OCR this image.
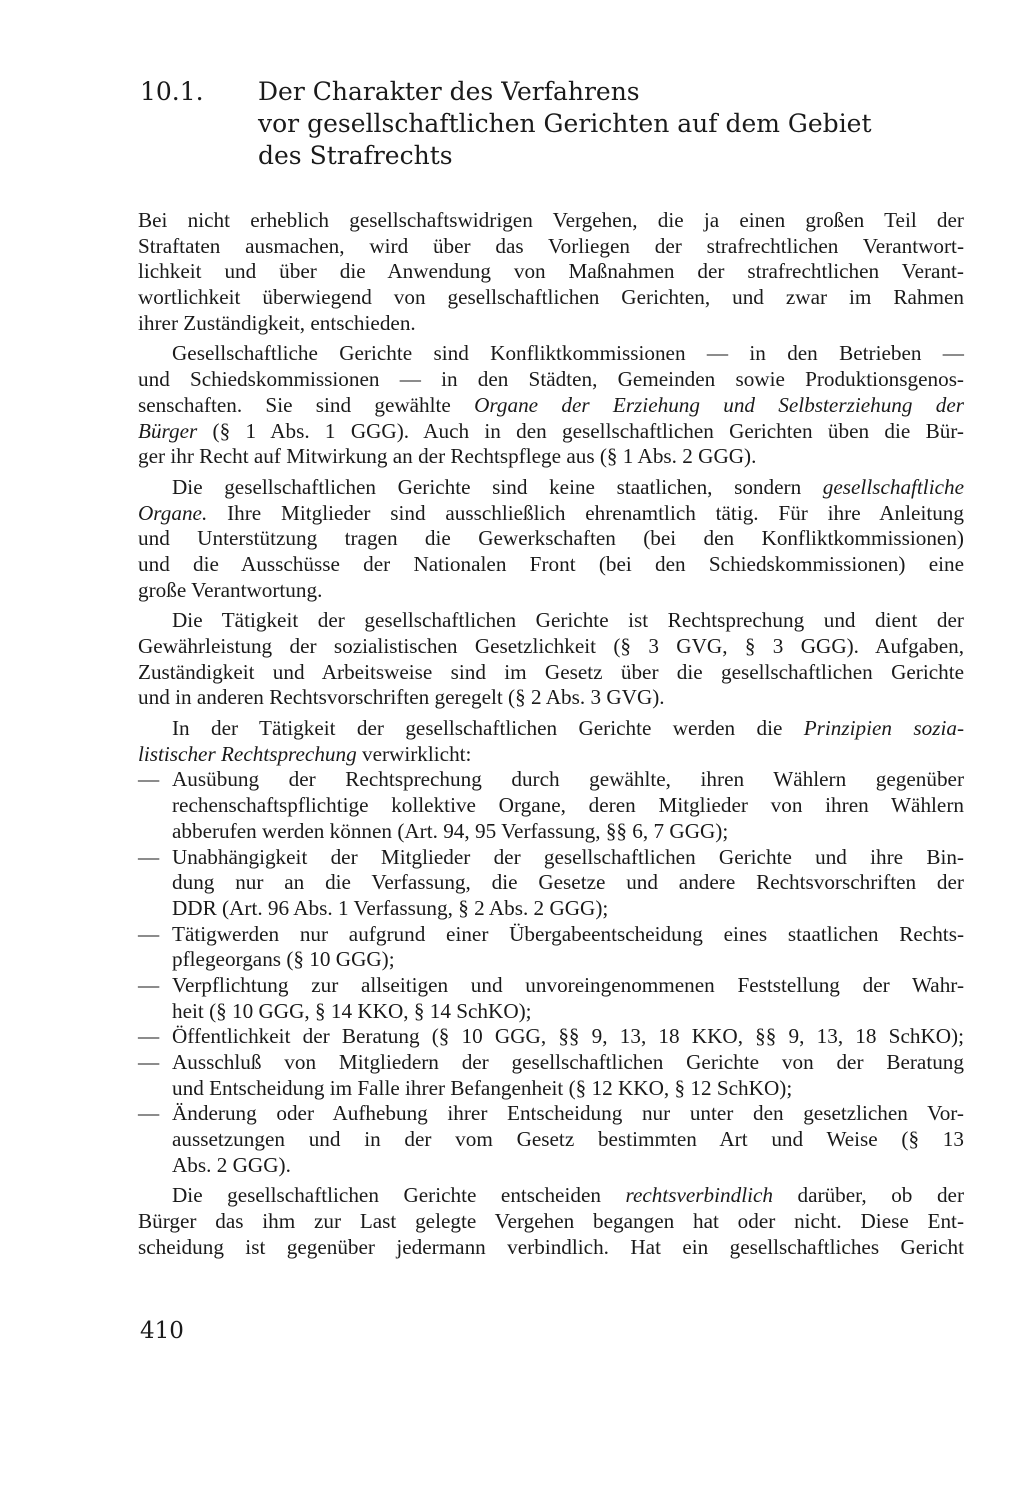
10.1. Der Charakter des Verfahrens
vor gesellschaftlichen Gerichten auf dem Gebiet
des Strafrechts
Bei nicht erheblich gesellschaftswidrigen Vergehen, die ja einen großen Teil der
Straftaten ausmachen, wird über das Vorliegen der strafrechtlichen Verantwort-
lichkeit und über die Anwendung von Maßnahmen der strafrechtlichen Verant-
wortlichkeit überwiegend von gesellschaftlichen Gerichten, und zwar im Rahmen
ihrer Zuständigkeit, entschieden.
Gesellschaftliche Gerichte sind Konfliktkommissionen — in den Betrieben —
und Schiedskommissionen — in den Städten, Gemeinden sowie Produktionsgenos-
senschaften. Sie sind gewählte Organe der Erziehung und Selbsterziehung der
Bürger (§ 1 Abs. 1 GGG). Auch in den gesellschaftlichen Gerichten üben die Bür-
ger ihr Recht auf Mitwirkung an der Rechtspflege aus (§ 1 Abs. 2 GGG).
Die gesellschaftlichen Gerichte sind keine staatlichen, sondern gesellschaftliche
Organe. Ihre Mitglieder sind ausschließlich ehrenamtlich tätig. Für ihre Anleitung
und Unterstützung tragen die Gewerkschaften (bei den Konfliktkommissionen)
und die Ausschüsse der Nationalen Front (bei den Schiedskommissionen) eine
große Verantwortung.
Die Tätigkeit der gesellschaftlichen Gerichte ist Rechtsprechung und dient der
Gewährleistung der sozialistischen Gesetzlichkeit (§ 3 GVG, § 3 GGG). Aufgaben,
Zuständigkeit und Arbeitsweise sind im Gesetz über die gesellschaftlichen Gerichte
und in anderen Rechtsvorschriften geregelt (§ 2 Abs. 3 GVG).
In der Tätigkeit der gesellschaftlichen Gerichte werden die Prinzipien sozia-
listischer Rechtsprechung verwirklicht:
— Ausübung der Rechtsprechung durch gewählte, ihren Wählern gegenüber
rechenschaftspflichtige kollektive Organe, deren Mitglieder von ihren Wählern
abberufen werden können (Art. 94, 95 Verfassung, §§ 6, 7 GGG);
— Unabhängigkeit der Mitglieder der gesellschaftlichen Gerichte und ihre Bin-
dung nur an die Verfassung, die Gesetze und andere Rechtsvorschriften der
DDR (Art. 96 Abs. 1 Verfassung, § 2 Abs. 2 GGG);
— Tätigwerden nur aufgrund einer Übergabeentscheidung eines staatlichen Rechts-
pflegeorgans (§ 10 GGG);
— Verpflichtung zur allseitigen und unvoreingenommenen Feststellung der Wahr-
heit (§ 10 GGG, § 14 KKO, § 14 SchKO);
— Öffentlichkeit der Beratung (§ 10 GGG, §§ 9, 13, 18 KKO, §§ 9, 13, 18 SchKO);
— Ausschluß von Mitgliedern der gesellschaftlichen Gerichte von der Beratung
und Entscheidung im Falle ihrer Befangenheit (§ 12 KKO, § 12 SchKO);
— Änderung oder Aufhebung ihrer Entscheidung nur unter den gesetzlichen Vor-
aussetzungen und in der vom Gesetz bestimmten Art und Weise (§ 13
Abs. 2 GGG).
Die gesellschaftlichen Gerichte entscheiden rechtsverbindlich darüber, ob der
Bürger das ihm zur Last gelegte Vergehen begangen hat oder nicht. Diese Ent-
scheidung ist gegenüber jedermann verbindlich. Hat ein gesellschaftliches Gericht
410
